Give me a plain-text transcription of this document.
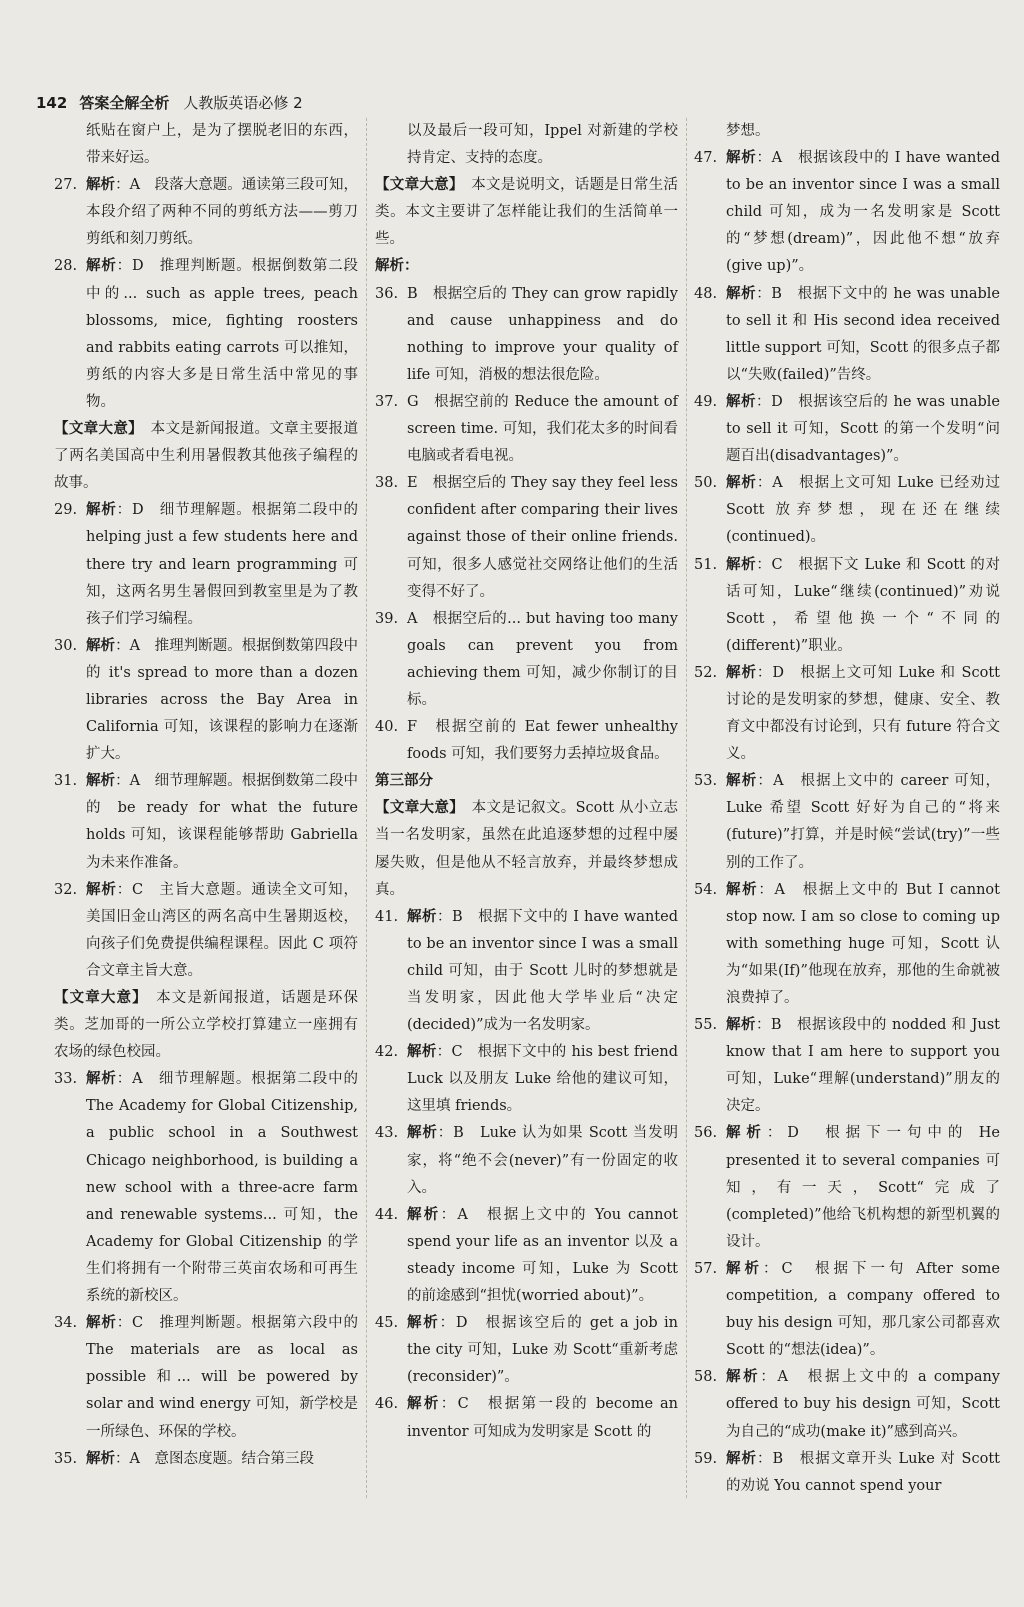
142 答案全解全析 人教版英语必修 2
纸贴在窗户上，是为了摆脱老旧的东西，带来好运。
27. 解析：A　段落大意题。通读第三段可知，本段介绍了两种不同的剪纸方法——剪刀剪纸和刻刀剪纸。
28. 解析：D　推理判断题。根据倒数第二段中的... such as apple trees, peach blossoms, mice, fighting roosters and rabbits eating carrots 可以推知，剪纸的内容大多是日常生活中常见的事物。
【文章大意】　本文是新闻报道。文章主要报道了两名美国高中生利用暑假教其他孩子编程的故事。
29. 解析：D　细节理解题。根据第二段中的 helping just a few students here and there try and learn programming 可知，这两名男生暑假回到教室里是为了教孩子们学习编程。
30. 解析：A　推理判断题。根据倒数第四段中的 it's spread to more than a dozen libraries across the Bay Area in California 可知，该课程的影响力在逐渐扩大。
31. 解析：A　细节理解题。根据倒数第二段中的 be ready for what the future holds 可知，该课程能够帮助 Gabriella 为未来作准备。
32. 解析：C　主旨大意题。通读全文可知，美国旧金山湾区的两名高中生暑期返校，向孩子们免费提供编程课程。因此 C 项符合文章主旨大意。
【文章大意】　本文是新闻报道，话题是环保类。芝加哥的一所公立学校打算建立一座拥有农场的绿色校园。
33. 解析：A　细节理解题。根据第二段中的 The Academy for Global Citizenship, a public school in a Southwest Chicago neighborhood, is building a new school with a three-acre farm and renewable systems... 可知，the Academy for Global Citizenship 的学生们将拥有一个附带三英亩农场和可再生系统的新校区。
34. 解析：C　推理判断题。根据第六段中的 The materials are as local as possible 和... will be powered by solar and wind energy 可知，新学校是一所绿色、环保的学校。
35. 解析：A　意图态度题。结合第三段
以及最后一段可知，Ippel 对新建的学校持肯定、支持的态度。
【文章大意】　本文是说明文，话题是日常生活类。本文主要讲了怎样能让我们的生活简单一些。
解析：
36. B　根据空后的 They can grow rapidly and cause unhappiness and do nothing to improve your quality of life 可知，消极的想法很危险。
37. G　根据空前的 Reduce the amount of screen time. 可知，我们花太多的时间看电脑或者看电视。
38. E　根据空后的 They say they feel less confident after comparing their lives against those of their online friends. 可知，很多人感觉社交网络让他们的生活变得不好了。
39. A　根据空后的... but having too many goals can prevent you from achieving them 可知，减少你制订的目标。
40. F　根据空前的 Eat fewer unhealthy foods 可知，我们要努力丢掉垃圾食品。
第三部分
【文章大意】　本文是记叙文。Scott 从小立志当一名发明家，虽然在此追逐梦想的过程中屡屡失败，但是他从不轻言放弃，并最终梦想成真。
41. 解析：B　根据下文中的 I have wanted to be an inventor since I was a small child 可知，由于 Scott 儿时的梦想就是当发明家，因此他大学毕业后“决定(decided)”成为一名发明家。
42. 解析：C　根据下文中的 his best friend Luck 以及朋友 Luke 给他的建议可知，这里填 friends。
43. 解析：B　Luke 认为如果 Scott 当发明家，将“绝不会(never)”有一份固定的收入。
44. 解析：A　根据上文中的 You cannot spend your life as an inventor 以及 a steady income 可知，Luke 为 Scott 的前途感到“担忧(worried about)”。
45. 解析：D　根据该空后的 get a job in the city 可知，Luke 劝 Scott“重新考虑(reconsider)”。
46. 解析：C　根据第一段的 become an inventor 可知成为发明家是 Scott 的
梦想。
47. 解析：A　根据该段中的 I have wanted to be an inventor since I was a small child 可知，成为一名发明家是 Scott 的“梦想(dream)”，因此他不想“放弃(give up)”。
48. 解析：B　根据下文中的 he was unable to sell it 和 His second idea received little support 可知，Scott 的很多点子都以“失败(failed)”告终。
49. 解析：D　根据该空后的 he was unable to sell it 可知，Scott 的第一个发明“问题百出(disadvantages)”。
50. 解析：A　根据上文可知 Luke 已经劝过 Scott 放弃梦想，现在还在继续(continued)。
51. 解析：C　根据下文 Luke 和 Scott 的对话可知，Luke“继续(continued)”劝说 Scott，希望他换一个“不同的(different)”职业。
52. 解析：D　根据上文可知 Luke 和 Scott 讨论的是发明家的梦想，健康、安全、教育文中都没有讨论到，只有 future 符合文义。
53. 解析：A　根据上文中的 career 可知，Luke 希望 Scott 好好为自己的“将来(future)”打算，并是时候“尝试(try)”一些别的工作了。
54. 解析：A　根据上文中的 But I cannot stop now. I am so close to coming up with something huge 可知，Scott 认为“如果(If)”他现在放弃，那他的生命就被浪费掉了。
55. 解析：B　根据该段中的 nodded 和 Just know that I am here to support you 可知，Luke“理解(understand)”朋友的决定。
56. 解析：D　根据下一句中的 He presented it to several companies 可知，有一天，Scott“完成了(completed)”他给飞机构想的新型机翼的设计。
57. 解析：C　根据下一句 After some competition, a company offered to buy his design 可知，那几家公司都喜欢 Scott 的“想法(idea)”。
58. 解析：A　根据上文中的 a company offered to buy his design 可知，Scott 为自己的“成功(make it)”感到高兴。
59. 解析：B　根据文章开头 Luke 对 Scott 的劝说 You cannot spend your
